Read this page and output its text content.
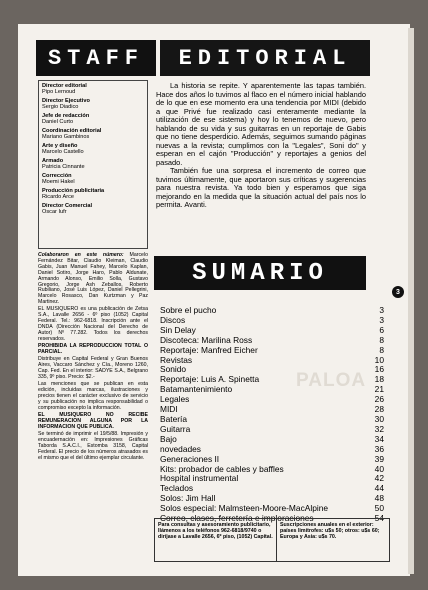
STAFF	EDITORIAL
Director editorial
Pipo Lernoud
Director Ejecutivo
Sergio Diadico
Jefe de redacción
Daniel Curto
Coordinación editorial
Mariano Gambinos
Arte y diseño
Marcelo Castello
Armado
Patricia Cinnante
Corrección
Moemi Hakel
Producción publicitaria
Ricardo Arce
Director Comercial
Oscar Iufr

Colaboraron en este número: Marcelo Fernández Bitar, Claudio Kleiman, Claudio Gabis, Juan Manuel Fahey, Marcelo Kaplan, Daniel Sotiro, Jorge Haro, Pablo Aldunate, Armando Alonso, Emilio Solla, Gustavo Gregorio, Jorge Ash Zeballos, Roberto Rubiliano, José Luis López, Daniel Pellegrini, Marcelo Rosasco, Dan Kurtzman y Paz Martinez.

EL MUSIQUERO es una publicación de Zetsa S.A., Lavalle 2656 - 6º piso (1052) Capital Federal. Tel.: 962-6818. Inscripción ante el DNDA (Dirección Nacional del Derecho de Autor) Nº 77.282. Todos los derechos reservados.

PROHIBIDA LA REPRODUCCION TOTAL O PARCIAL.

Distribuye en Capital Federal y Gran Buenos Aires, Vaccaro Sánchez y Cía., Moreno 1260, Cap. Fed. En el interior: SADYE S.A., Belgrano 335, 9º piso. Precio: $2.-

Las menciones que se publican en esta edición, incluidas marcas, ilustraciones y precios tienen el carácter exclusivo de servicio y su publicación no implica responsabilidad o compromiso excepto la información.

EL MUSIQUERO NO RECIBE REMUNERACION ALGUNA POR LA INFORMACION QUE PUBLICA.

Se terminó de imprimir el 19/5/88. Impresión y encuadernación en: Impresiones Gráficas Taborda S.A.C.I., Estomba 3158, Capital Federal. El precio de los números atrasados es el mismo que el del último ejemplar circulante.

La historia se repite. Y aparentemente las tapas también. Hace dos años lo tuvimos al flaco en el número inicial hablando de lo que en ese momento era una tendencia por MIDI (debido a que Privé fue realizado casi enteramente mediante la utilización de ese sistema) y hoy lo tenemos de nuevo, pero hablando de su vida y sus guitarras en un reportaje de Gabis que no tiene desperdicio. Además, seguimos sumando páginas nuevas a la revista; cumplimos con la "Legales", Soni do" y esperan en el cajón "Producción" y reportajes a genios del pasado.

También fue una sorpresa el incremento de correo que tuvimos últimamente, que aportaron sus críticas y sugerencias para nuestra revista. Ya todo bien y esperamos que siga mejorando en la medida que la situación actual del país nos lo permita. Avanti.

SUMARIO
3
PALOA
Sobre el pucho	3
Discos	3
Sin Delay	6
Discoteca: Marilina Ross	8
Reportaje: Manfred Eicher	8
Revistas	10
Sonido	16
Reportaje: Luis A. Spinetta	18
Batamantenimiento	21
Legales	26
MIDI	28
Batería	30
Guitarra	32
Bajo	34
novedades	36
Generaciones II	39
Kits: probador de cables y baffles	40
Hospital instrumental	42
Teclados	44
Solos: Jim Hall	48
Solos especial: Malmsteen-Moore-MacAlpine	50
Correo, clases, ferretería e imploraciones	54
Para consultas y asesoramiento publicitario, llámenos a los teléfonos 962-6818/9740 o diríjase a Lavalle 2656, 6º piso, (1052) Capital.
Suscripciones anuales en el exterior: países limítrofes: u$s 50; otros: u$s 60; Europa y Asia: u$s 70.
